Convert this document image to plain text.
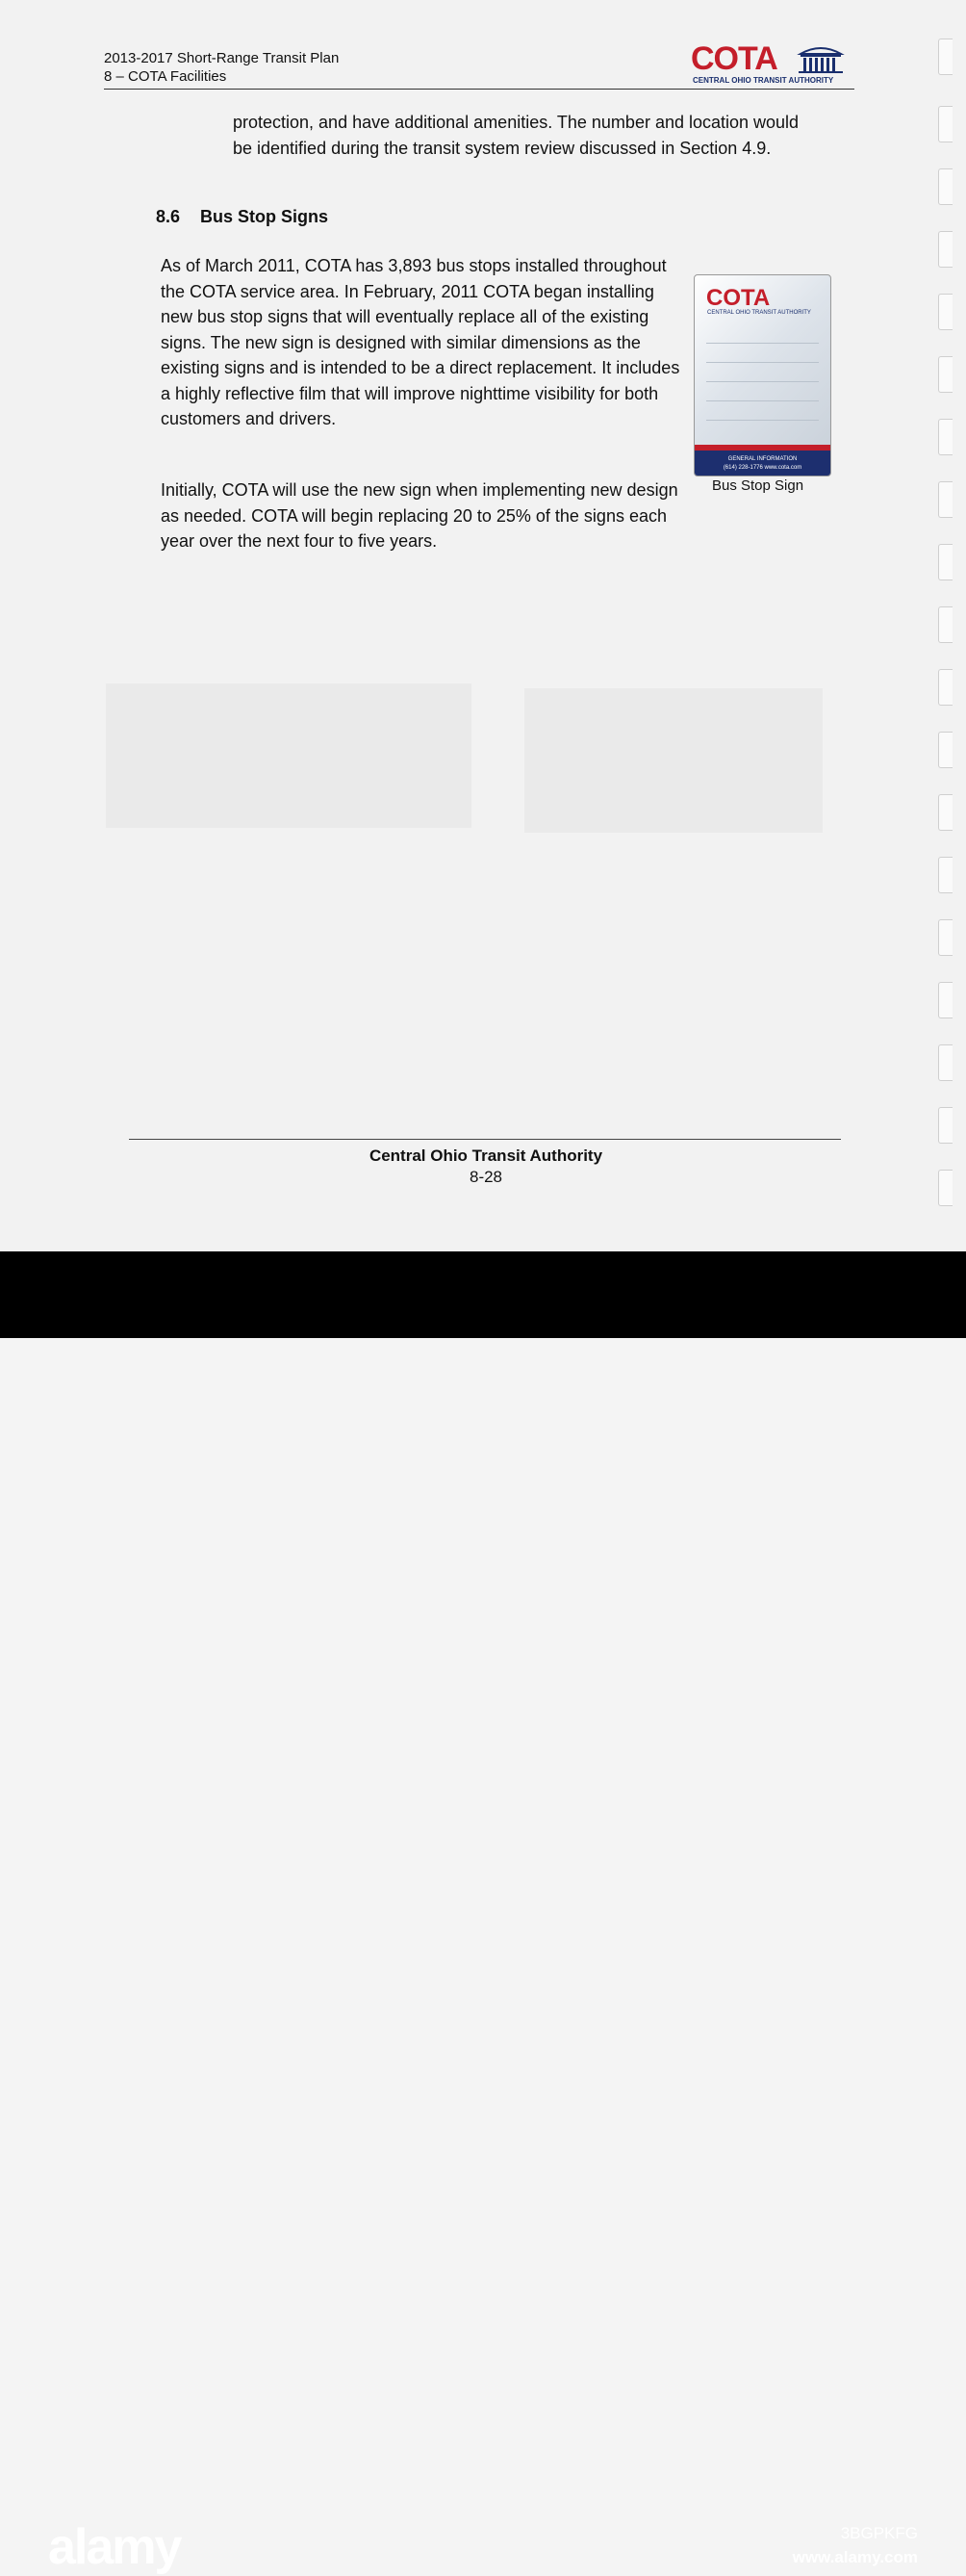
2013-2017 Short-Range Transit Plan
8 – COTA Facilities	COTA
CENTRAL OHIO TRANSIT AUTHORITY
protection, and have additional amenities. The number and location would be identified during the transit system review discussed in Section 4.9.
8.6 Bus Stop Signs
As of March 2011, COTA has 3,893 bus stops installed throughout the COTA service area. In February, 2011 COTA began installing new bus stop signs that will eventually replace all of the existing signs. The new sign is designed with similar dimensions as the existing signs and is intended to be a direct replacement. It includes a highly reflective film that will improve nighttime visibility for both customers and drivers.
Initially, COTA will use the new sign when implementing new design as needed. COTA will begin replacing 20 to 25% of the signs each year over the next four to five years.
COTA
CENTRAL OHIO TRANSIT AUTHORITY
GENERAL INFORMATION
(614) 228-1776 www.cota.com
Bus Stop Sign
Central Ohio Transit Authority
8-28
alamy	3BGPKFG
www.alamy.com
